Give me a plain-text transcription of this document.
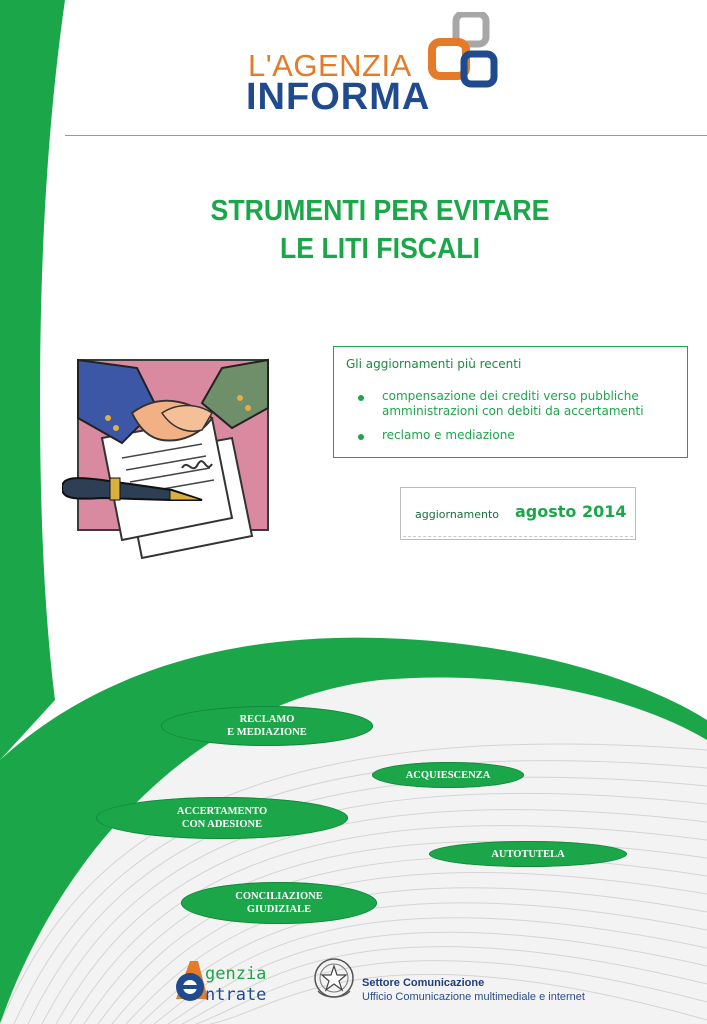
L'AGENZIA
INFORMA
STRUMENTI PER EVITARE
LE LITI FISCALI
Gli aggiornamenti più recenti
compensazione dei crediti verso pubbliche amministrazioni con debiti da accertamenti
reclamo e mediazione
aggiornamento agosto 2014
RECLAMO
E MEDIAZIONE
ACQUIESCENZA
ACCERTAMENTO
CON ADESIONE
AUTOTUTELA
CONCILIAZIONE
GIUDIZIALE
genzia
ntrate
Settore Comunicazione
Ufficio Comunicazione multimediale e internet
